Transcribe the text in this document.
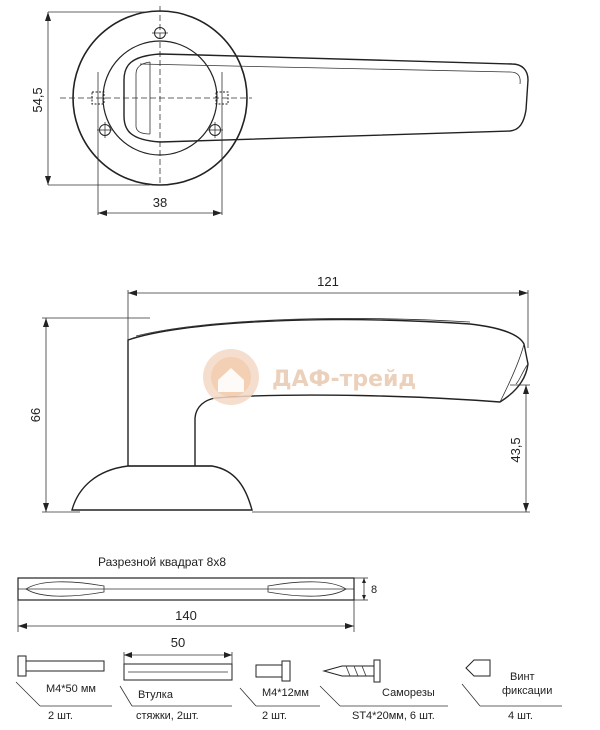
54,5
38
121
66
43,5
ДАФ-трейд
Разрезной квадрат 8х8
8
140
М4*50 мм
2 шт.
50
Втулка
стяжки, 2шт.
М4*12мм
2 шт.
Саморезы
ST4*20мм, 6 шт.
Винт
фиксации
4 шт.
